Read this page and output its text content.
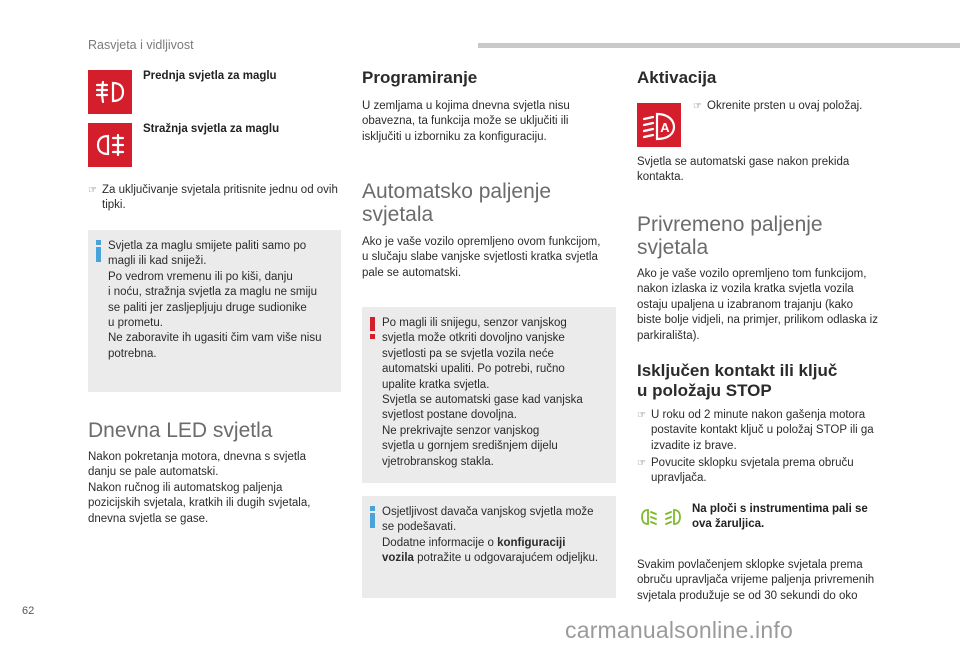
Rasvjeta i vidljivost
Prednja svjetla za maglu
Stražnja svjetla za maglu
☞ Za uključivanje svjetala pritisnite jednu od ovih tipki.
Svjetla za maglu smijete paliti samo po
magli ili kad sniježi.
Po vedrom vremenu ili po kiši, danju
i noću, stražnja svjetla za maglu ne smiju
se paliti jer zasljepljuju druge sudionike
u prometu.
Ne zaboravite ih ugasiti čim vam više nisu
potrebna.
Dnevna LED svjetla
Nakon pokretanja motora, dnevna s svjetla
danju se pale automatski.
Nakon ručnog ili automatskog paljenja
pozicijskih svjetala, kratkih ili dugih svjetala,
dnevna svjetla se gase.
Programiranje
U zemljama u kojima dnevna svjetla nisu
obavezna, ta funkcija može se uključiti ili
isključiti u izborniku za konfiguraciju.
Automatsko paljenje
svjetala
Ako je vaše vozilo opremljeno ovom funkcijom,
u slučaju slabe vanjske svjetlosti kratka svjetla
pale se automatski.
Po magli ili snijegu, senzor vanjskog
svjetla može otkriti dovoljno vanjske
svjetlosti pa se svjetla vozila neće
automatski upaliti. Po potrebi, ručno
upalite kratka svjetla.
Svjetla se automatski gase kad vanjska
svjetlost postane dovoljna.
Ne prekrivajte senzor vanjskog
svjetla u gornjem središnjem dijelu
vjetrobranskog stakla.
Osjetljivost davača vanjskog svjetla može
se podešavati.
Dodatne informacije o konfiguraciji
vozila potražite u odgovarajućem odjeljku.
Aktivacija
A
☞ Okrenite prsten u ovaj položaj.
Svjetla se automatski gase nakon prekida
kontakta.
Privremeno paljenje
svjetala
Ako je vaše vozilo opremljeno tom funkcijom,
nakon izlaska iz vozila kratka svjetla vozila
ostaju upaljena u izabranom trajanju (kako
biste bolje vidjeli, na primjer, prilikom odlaska iz
parkirališta).
Isključen kontakt ili ključ
u položaju STOP
☞ U roku od 2 minute nakon gašenja motora postavite kontakt ključ u položaj STOP ili ga izvadite iz brave.
☞ Povucite sklopku svjetala prema obruču upravljača.
Na ploči s instrumentima pali se
ova žaruljica.
Svakim povlačenjem sklopke svjetala prema
obruču upravljača vrijeme paljenja privremenih
svjetala produžuje se od 30 sekundi do oko
62
carmanualsonline.info
